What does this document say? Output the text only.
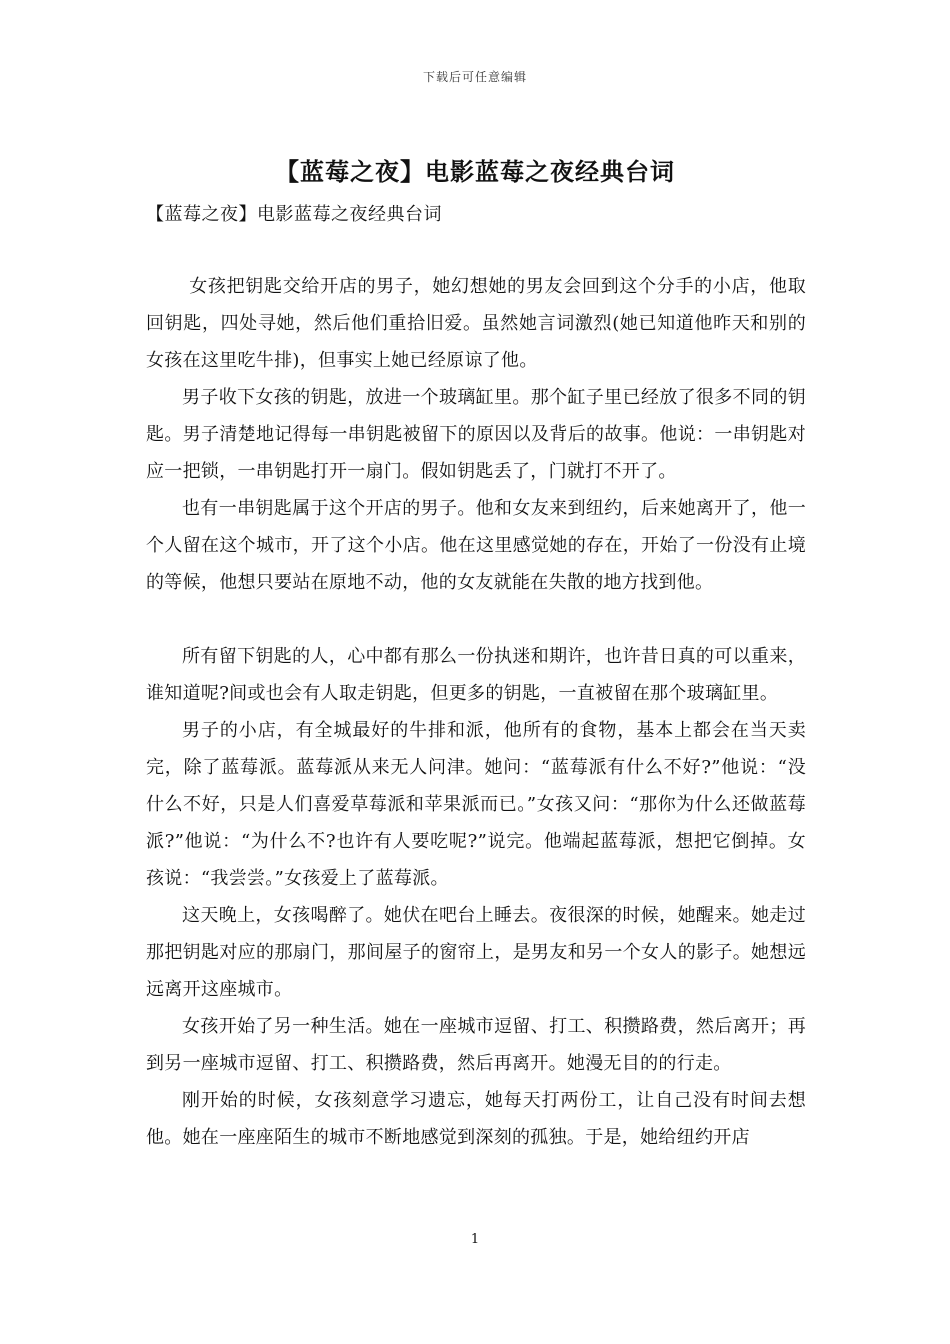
下载后可任意编辑
【蓝莓之夜】电影蓝莓之夜经典台词
【蓝莓之夜】电影蓝莓之夜经典台词

女孩把钥匙交给开店的男子，她幻想她的男友会回到这个分手的小店，他取回钥匙，四处寻她，然后他们重拾旧爱。虽然她言词激烈(她已知道他昨天和别的女孩在这里吃牛排)，但事实上她已经原谅了他。

男子收下女孩的钥匙，放进一个玻璃缸里。那个缸子里已经放了很多不同的钥匙。男子清楚地记得每一串钥匙被留下的原因以及背后的故事。他说：一串钥匙对应一把锁，一串钥匙打开一扇门。假如钥匙丢了，门就打不开了。

也有一串钥匙属于这个开店的男子。他和女友来到纽约，后来她离开了，他一个人留在这个城市，开了这个小店。他在这里感觉她的存在，开始了一份没有止境的等候，他想只要站在原地不动，他的女友就能在失散的地方找到他。

所有留下钥匙的人，心中都有那么一份执迷和期许，也许昔日真的可以重来，谁知道呢?间或也会有人取走钥匙，但更多的钥匙，一直被留在那个玻璃缸里。

男子的小店，有全城最好的牛排和派，他所有的食物，基本上都会在当天卖完，除了蓝莓派。蓝莓派从来无人问津。她问：“蓝莓派有什么不好?”他说：“没什么不好，只是人们喜爱草莓派和苹果派而已。”女孩又问：“那你为什么还做蓝莓派?”他说：“为什么不?也许有人要吃呢?”说完。他端起蓝莓派，想把它倒掉。女孩说：“我尝尝。”女孩爱上了蓝莓派。

这天晚上，女孩喝醉了。她伏在吧台上睡去。夜很深的时候，她醒来。她走过那把钥匙对应的那扇门，那间屋子的窗帘上，是男友和另一个女人的影子。她想远远离开这座城市。

女孩开始了另一种生活。她在一座城市逗留、打工、积攒路费，然后离开；再到另一座城市逗留、打工、积攒路费，然后再离开。她漫无目的的行走。

刚开始的时候，女孩刻意学习遗忘，她每天打两份工，让自己没有时间去想他。她在一座座陌生的城市不断地感觉到深刻的孤独。于是，她给纽约开店

1
